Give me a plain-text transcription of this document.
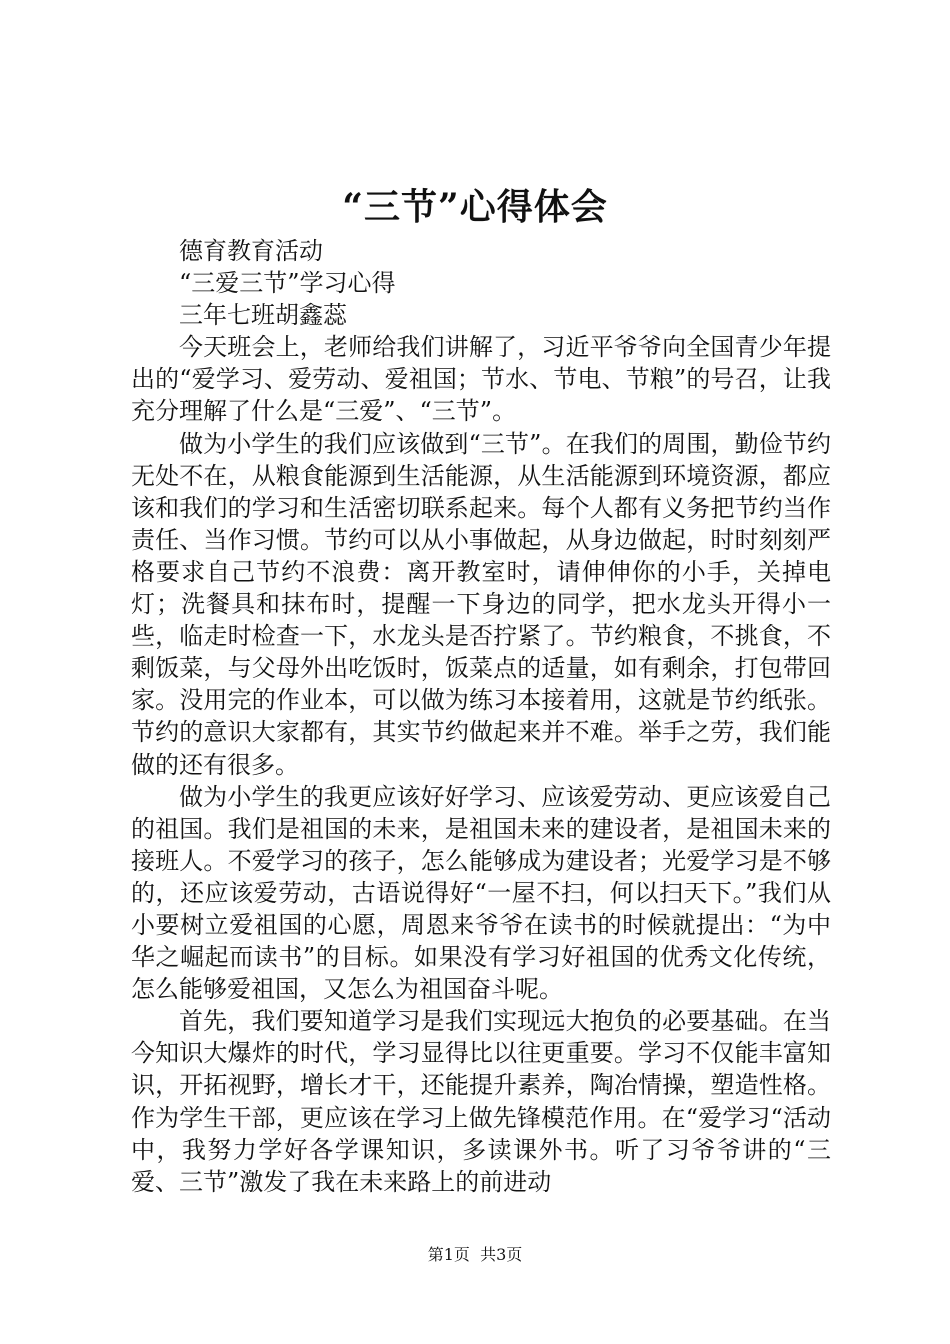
“三节”心得体会

德育教育活动

“三爱三节”学习心得

三年七班胡鑫蕊

今天班会上，老师给我们讲解了，习近平爷爷向全国青少年提出的“爱学习、爱劳动、爱祖国；节水、节电、节粮”的号召，让我充分理解了什么是“三爱”、“三节”。

做为小学生的我们应该做到“三节”。在我们的周围，勤俭节约无处不在，从粮食能源到生活能源，从生活能源到环境资源，都应该和我们的学习和生活密切联系起来。每个人都有义务把节约当作责任、当作习惯。节约可以从小事做起，从身边做起，时时刻刻严格要求自己节约不浪费：离开教室时，请伸伸你的小手，关掉电灯；洗餐具和抹布时，提醒一下身边的同学，把水龙头开得小一些，临走时检查一下，水龙头是否拧紧了。节约粮食，不挑食，不剩饭菜，与父母外出吃饭时，饭菜点的适量，如有剩余，打包带回家。没用完的作业本，可以做为练习本接着用，这就是节约纸张。节约的意识大家都有，其实节约做起来并不难。举手之劳，我们能做的还有很多。

做为小学生的我更应该好好学习、应该爱劳动、更应该爱自己的祖国。我们是祖国的未来，是祖国未来的建设者，是祖国未来的接班人。不爱学习的孩子，怎么能够成为建设者；光爱学习是不够的，还应该爱劳动，古语说得好“一屋不扫，何以扫天下。”我们从小要树立爱祖国的心愿，周恩来爷爷在读书的时候就提出：“为中华之崛起而读书”的目标。如果没有学习好祖国的优秀文化传统，怎么能够爱祖国，又怎么为祖国奋斗呢。

首先，我们要知道学习是我们实现远大抱负的必要基础。在当今知识大爆炸的时代，学习显得比以往更重要。学习不仅能丰富知识，开拓视野，增长才干，还能提升素养，陶冶情操，塑造性格。作为学生干部，更应该在学习上做先锋模范作用。在“爱学习“活动中，我努力学好各学课知识，多读课外书。听了习爷爷讲的“三爱、三节”激发了我在未来路上的前进动

第1页 共3页
